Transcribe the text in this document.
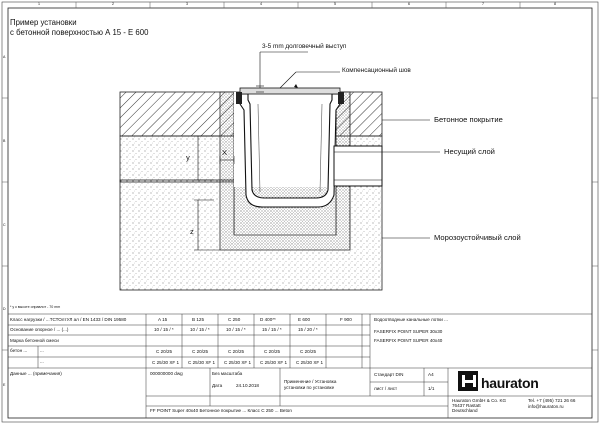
1	2	3	4	5	6	7	8
A
B
C
D
E
Пример установки
с бетонной поверхностью А 15 - Е 600
3-5 mm долговечный выступ
Компенсационный шов
Бетонное покрытие
Несущий слой
Морозоустойчивый слой
y
X
z
* у к высоте оправлот - 70 mm
Класс нагрузки / ...ТСТОлтУЛ ал / EN 1433 / DIN 19580	A 15	B 125	C 250	D 400**	E 600	F 900
Основание опорное / ... (...)	10 / 15 / *	10 / 15 / *	10 / 15 / *	15 / 15 / *	15 / 20 / *
Марка бетонной смеси
бетон ...	...
...
С 20/25	С 20/25	С 20/25	С 20/25	С 20/25
С 25/30 XF 1 С 25/30 XF 1 С 25/30 XF 1 С 25/30 XF 1 С 25/30 XF 1
Данные ... (примечания)
Водоотводные канальные лотки ...
FASERFIX POINT SUPER 30x30
FASERFIX POINT SUPER 40x40
000000000 dwg	Без масштаба
Дата	24.10.2018
Применение / Установка
установки по установке
Стандарт DIN	A4
лист / лиcт	1/1
FF POINT Super 40x40 Бетонное покрытие ... Класс C 250 ... Beton
hauraton
Hauraton GmbH & Co. KG
76437 Rastatt
Deutschland
Tel. +7 (495) 721 26 66
info@hauraton.ru
